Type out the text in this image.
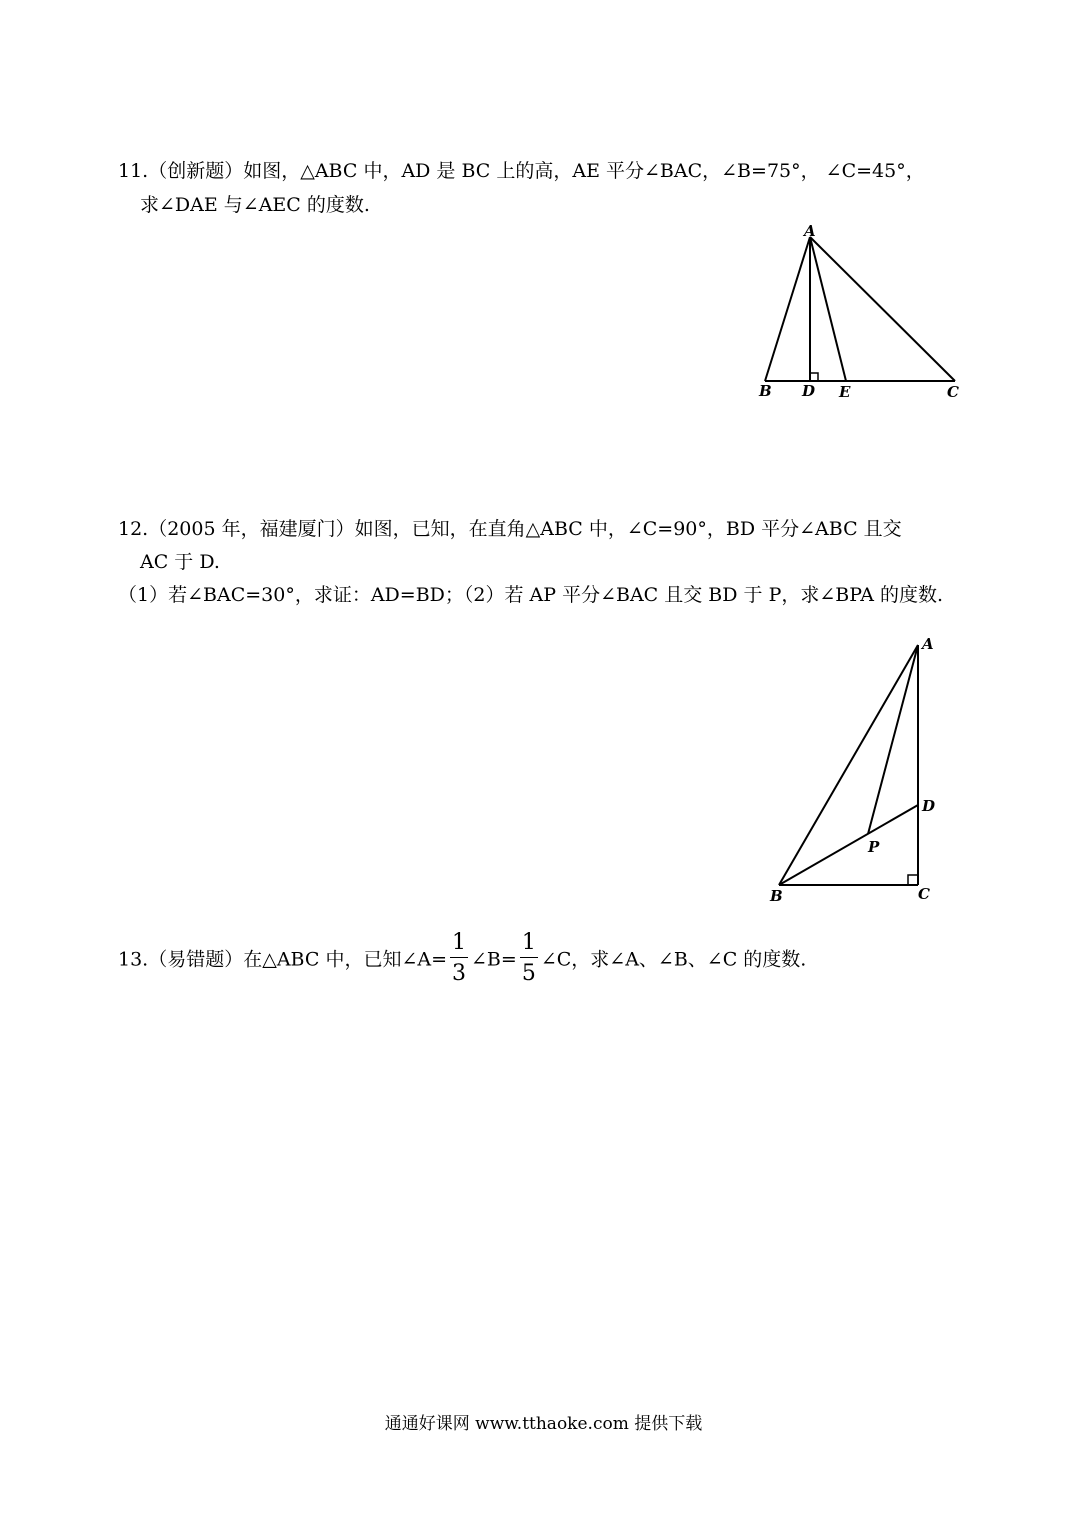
11.（创新题）如图，△ABC 中，AD 是 BC 上的高，AE 平分∠BAC，∠B=75°， ∠C=45°，
求∠DAE 与∠AEC 的度数.
A
B D E	C
12.（2005 年，福建厦门）如图，已知，在直角△ABC 中，∠C=90°，BD 平分∠ABC 且交
AC 于 D.
（1）若∠BAC=30°，求证：AD=BD；（2）若 AP 平分∠BAC 且交 BD 于 P，求∠BPA 的度数.
A
D
P
B	C
13.（易错题）在△ABC 中，已知∠A= $\frac{1}{3}$ ∠B= $\frac{1}{5}$ ∠C，求∠A、∠B、∠C 的度数.
通通好课网 www.tthaoke.com 提供下载
